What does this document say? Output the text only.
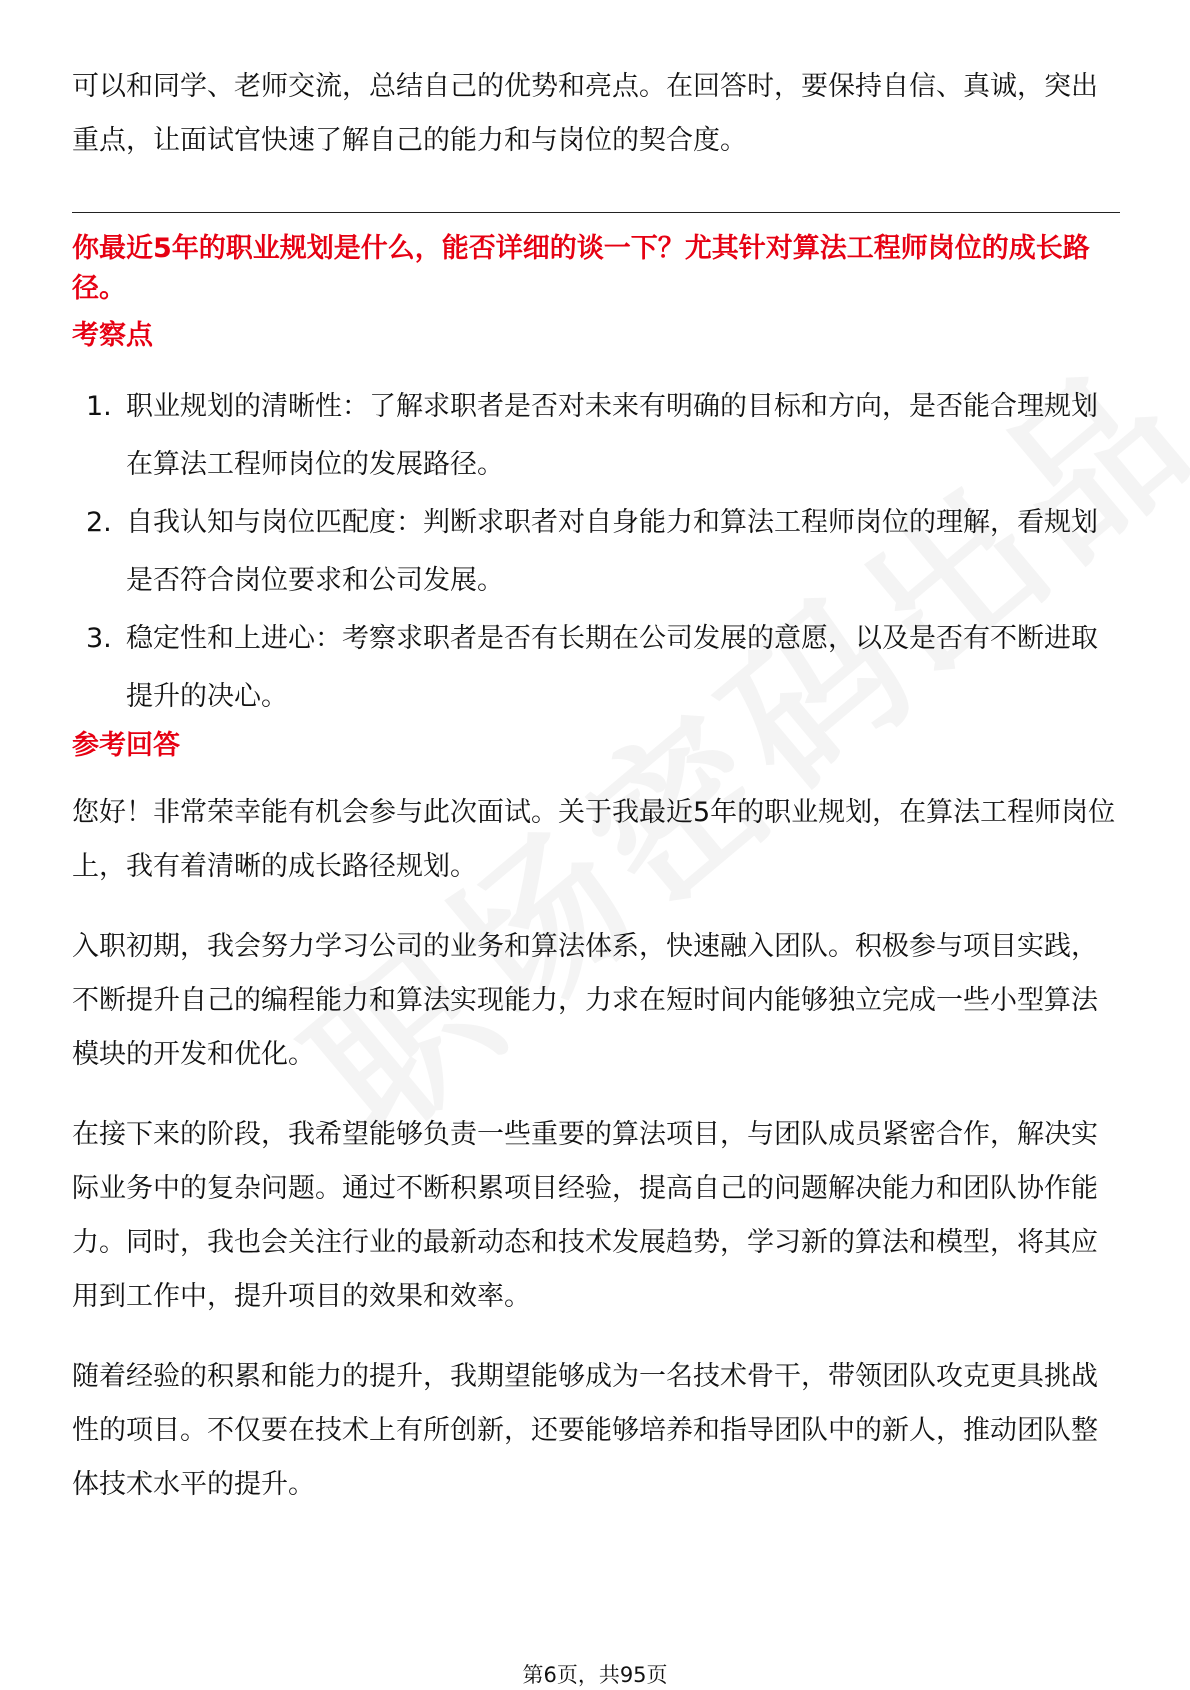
可以和同学、老师交流，总结自己的优势和亮点。在回答时，要保持自信、真诚，突出重点，让面试官快速了解自己的能力和与岗位的契合度。

你最近5年的职业规划是什么，能否详细的谈一下？尤其针对算法工程师岗位的成长路径。

考察点

1. 职业规划的清晰性：了解求职者是否对未来有明确的目标和方向，是否能合理规划在算法工程师岗位的发展路径。
2. 自我认知与岗位匹配度：判断求职者对自身能力和算法工程师岗位的理解，看规划是否符合岗位要求和公司发展。
3. 稳定性和上进心：考察求职者是否有长期在公司发展的意愿，以及是否有不断进取提升的决心。

参考回答

您好！非常荣幸能有机会参与此次面试。关于我最近5年的职业规划，在算法工程师岗位上，我有着清晰的成长路径规划。

入职初期，我会努力学习公司的业务和算法体系，快速融入团队。积极参与项目实践，不断提升自己的编程能力和算法实现能力，力求在短时间内能够独立完成一些小型算法模块的开发和优化。

在接下来的阶段，我希望能够负责一些重要的算法项目，与团队成员紧密合作，解决实际业务中的复杂问题。通过不断积累项目经验，提高自己的问题解决能力和团队协作能力。同时，我也会关注行业的最新动态和技术发展趋势，学习新的算法和模型，将其应用到工作中，提升项目的效果和效率。

随着经验的积累和能力的提升，我期望能够成为一名技术骨干，带领团队攻克更具挑战性的项目。不仅要在技术上有所创新，还要能够培养和指导团队中的新人，推动团队整体技术水平的提升。

第6页，共95页
